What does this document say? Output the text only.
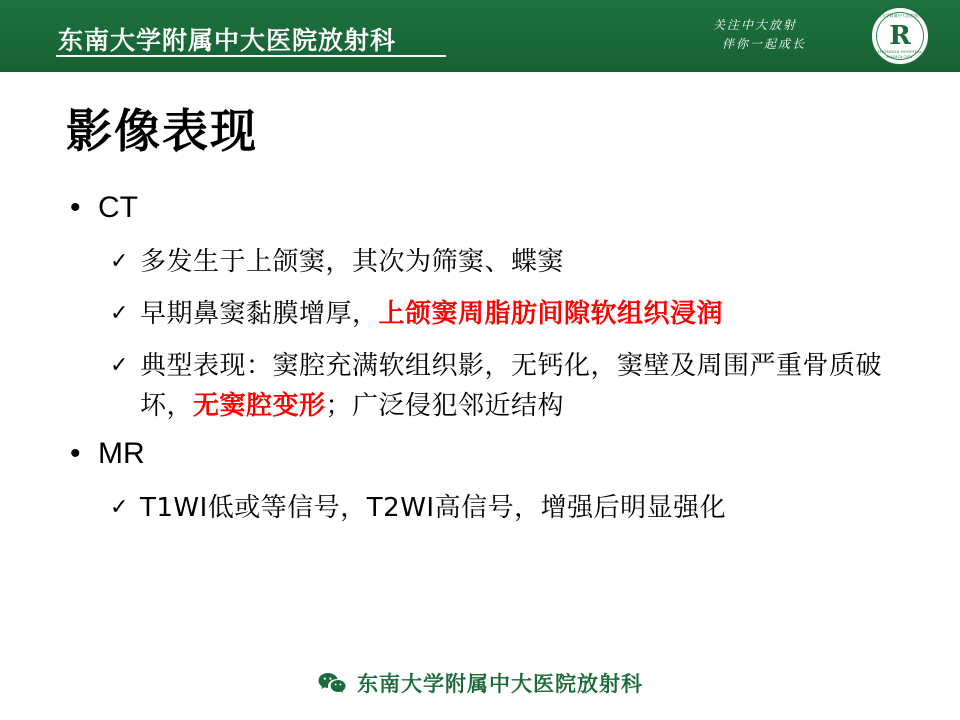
东南大学附属中大医院放射科
关注中大放射
伴你一起成长
东南大学附属中大医院放射科
R
ZHONGDA HOSPITAL RADIOLOGY
影像表现
• CT
✓ 多发生于上颌窦，其次为筛窦、蝶窦
✓ 早期鼻窦黏膜增厚，上颌窦周脂肪间隙软组织浸润
✓ 典型表现：窦腔充满软组织影，无钙化，窦壁及周围严重骨质破坏，无窦腔变形；广泛侵犯邻近结构
• MR
✓ T1WI低或等信号，T2WI高信号，增强后明显强化
东南大学附属中大医院放射科
